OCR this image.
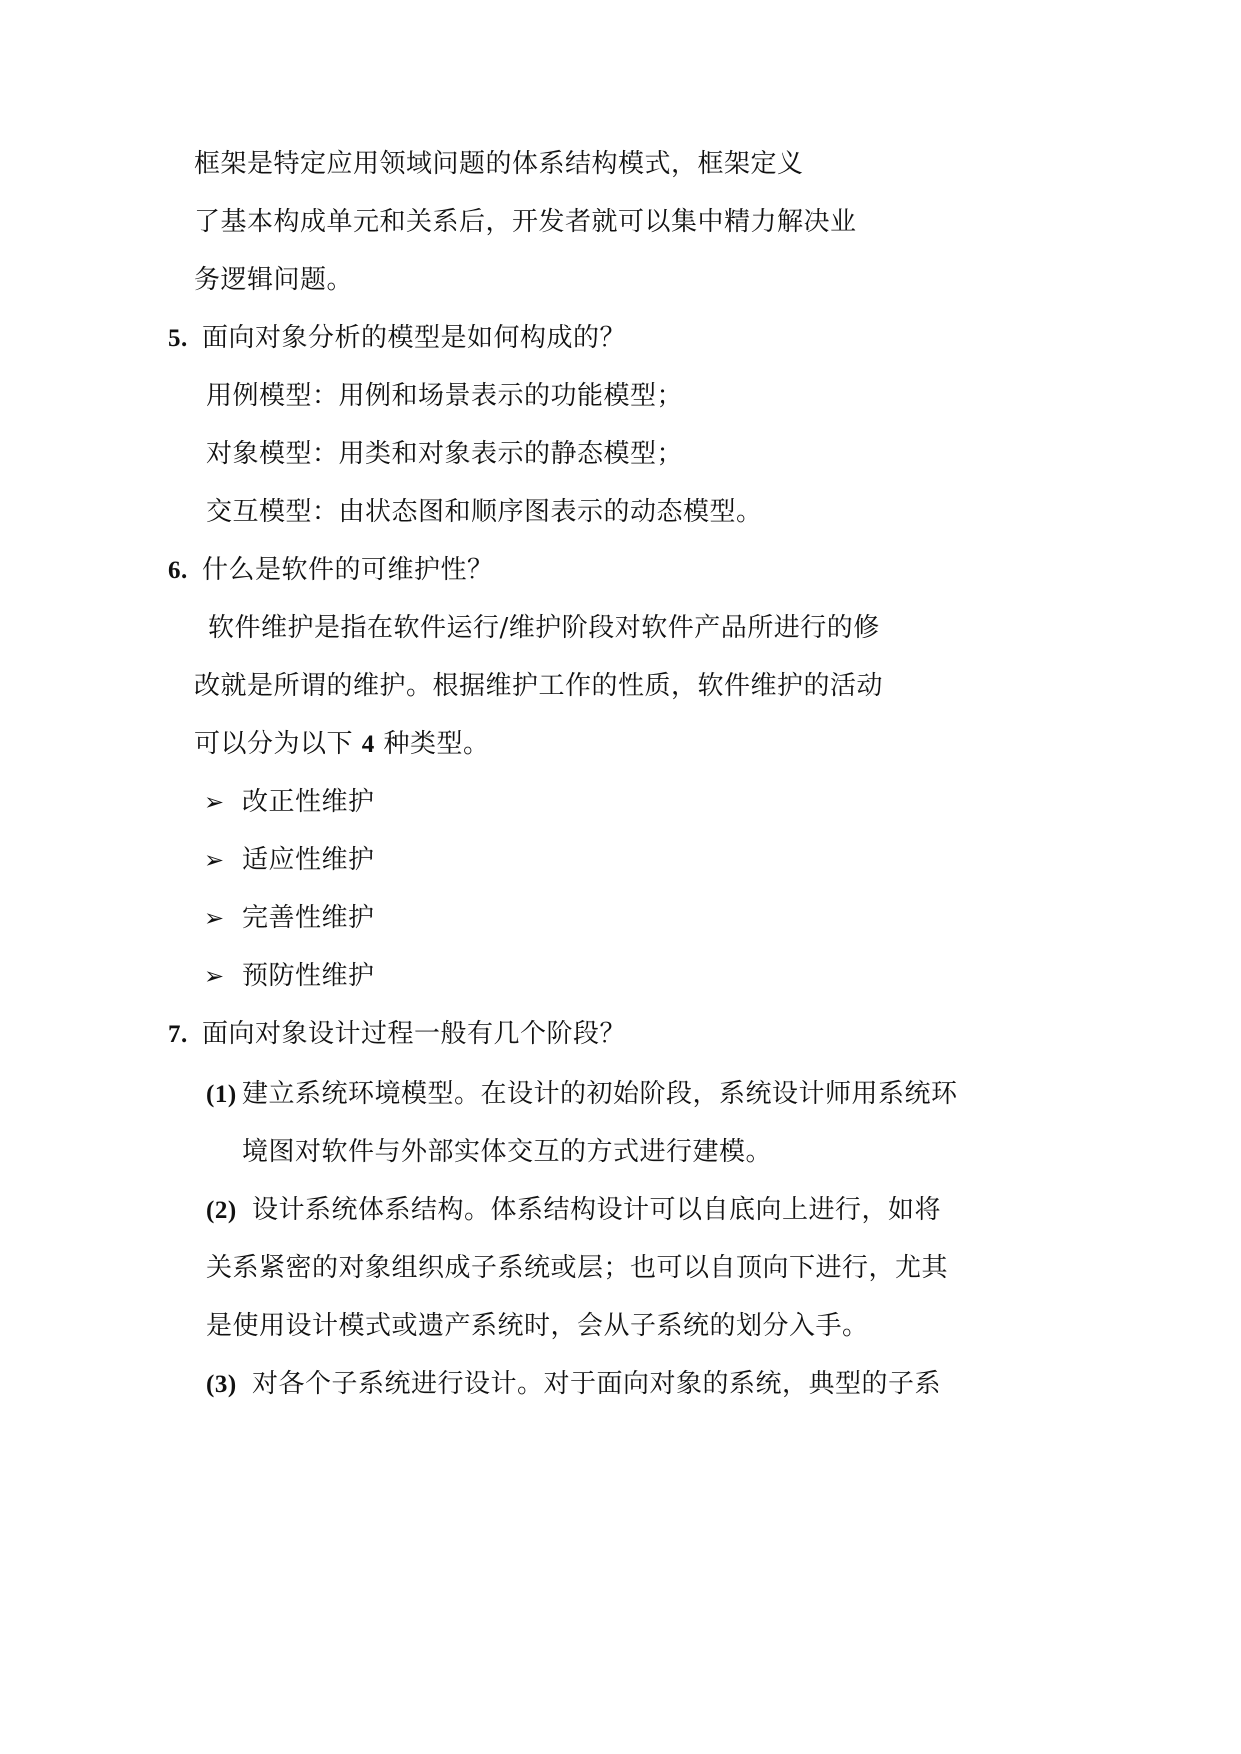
框架是特定应用领域问题的体系结构模式，框架定义
了基本构成单元和关系后，开发者就可以集中精力解决业
务逻辑问题。
5. 面向对象分析的模型是如何构成的？
用例模型：用例和场景表示的功能模型；
对象模型：用类和对象表示的静态模型；
交互模型：由状态图和顺序图表示的动态模型。
6. 什么是软件的可维护性？
软件维护是指在软件运行/维护阶段对软件产品所进行的修
改就是所谓的维护。根据维护工作的性质，软件维护的活动
可以分为以下 4 种类型。
➢ 改正性维护
➢ 适应性维护
➢ 完善性维护
➢ 预防性维护
7. 面向对象设计过程一般有几个阶段？
(1) 建立系统环境模型。在设计的初始阶段，系统设计师用系统环
境图对软件与外部实体交互的方式进行建模。
(2) 设计系统体系结构。体系结构设计可以自底向上进行，如将
关系紧密的对象组织成子系统或层；也可以自顶向下进行，尤其
是使用设计模式或遗产系统时，会从子系统的划分入手。
(3) 对各个子系统进行设计。对于面向对象的系统，典型的子系
